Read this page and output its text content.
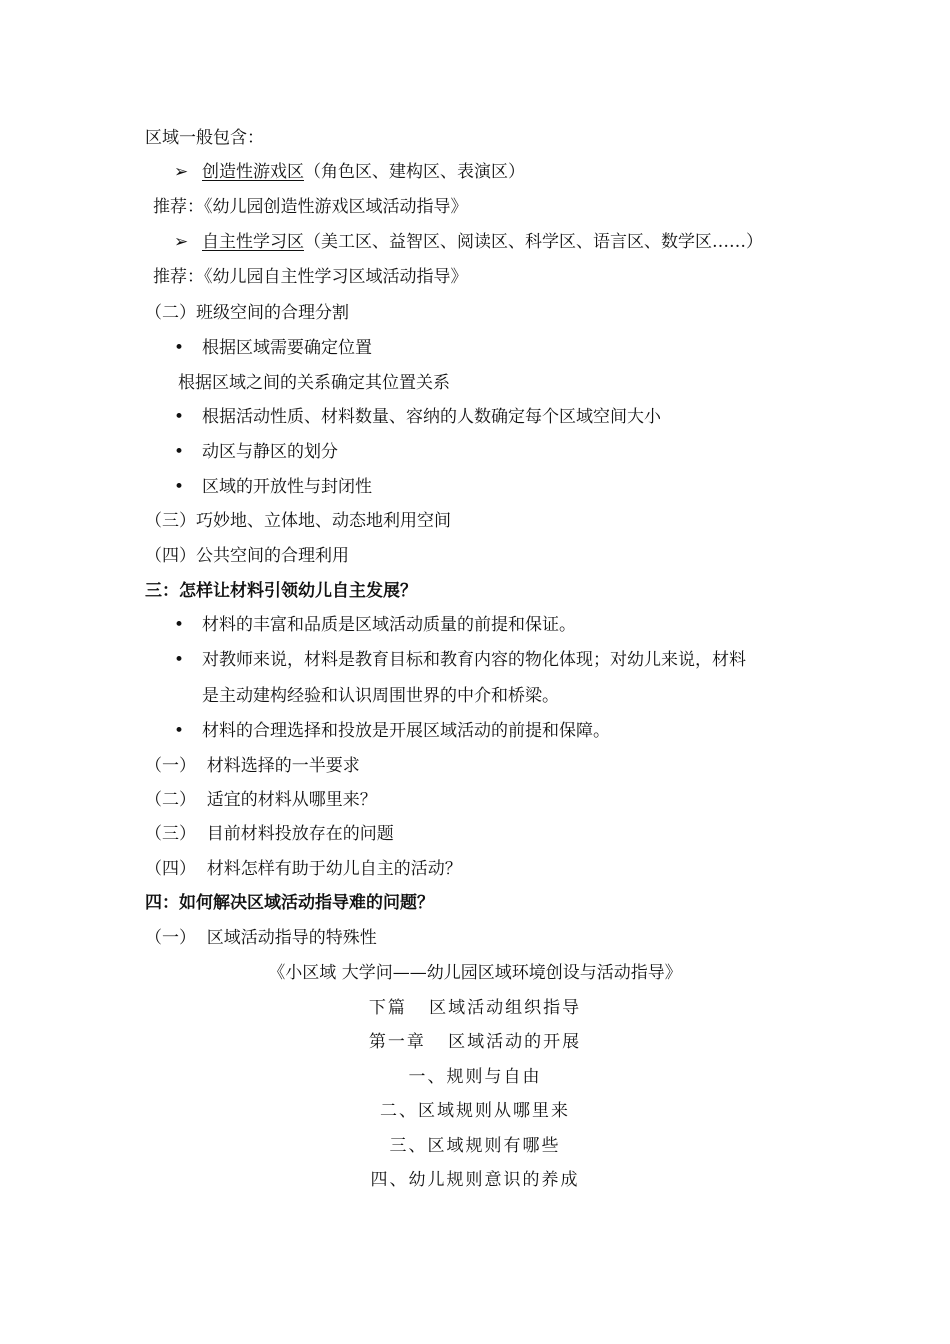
区域一般包含：
➢ 创造性游戏区（角色区、建构区、表演区）
推荐：《幼儿园创造性游戏区域活动指导》
➢ 自主性学习区（美工区、益智区、阅读区、科学区、语言区、数学区……）
推荐：《幼儿园自主性学习区域活动指导》
（二）班级空间的合理分割
• 根据区域需要确定位置
根据区域之间的关系确定其位置关系
• 根据活动性质、材料数量、容纳的人数确定每个区域空间大小
• 动区与静区的划分
• 区域的开放性与封闭性
（三）巧妙地、立体地、动态地利用空间
（四）公共空间的合理利用
三：怎样让材料引领幼儿自主发展？
• 材料的丰富和品质是区域活动质量的前提和保证。
• 对教师来说，材料是教育目标和教育内容的物化体现；对幼儿来说，材料
是主动建构经验和认识周围世界的中介和桥梁。
• 材料的合理选择和投放是开展区域活动的前提和保障。
（一）  材料选择的一半要求
（二）  适宜的材料从哪里来？
（三）  目前材料投放存在的问题
（四）  材料怎样有助于幼儿自主的活动？
四：如何解决区域活动指导难的问题？
（一）  区域活动指导的特殊性
《小区域 大学问——幼儿园区域环境创设与活动指导》
下篇   区域活动组织指导
第一章   区域活动的开展
一、规则与自由
二、区域规则从哪里来
三、区域规则有哪些
四、幼儿规则意识的养成
